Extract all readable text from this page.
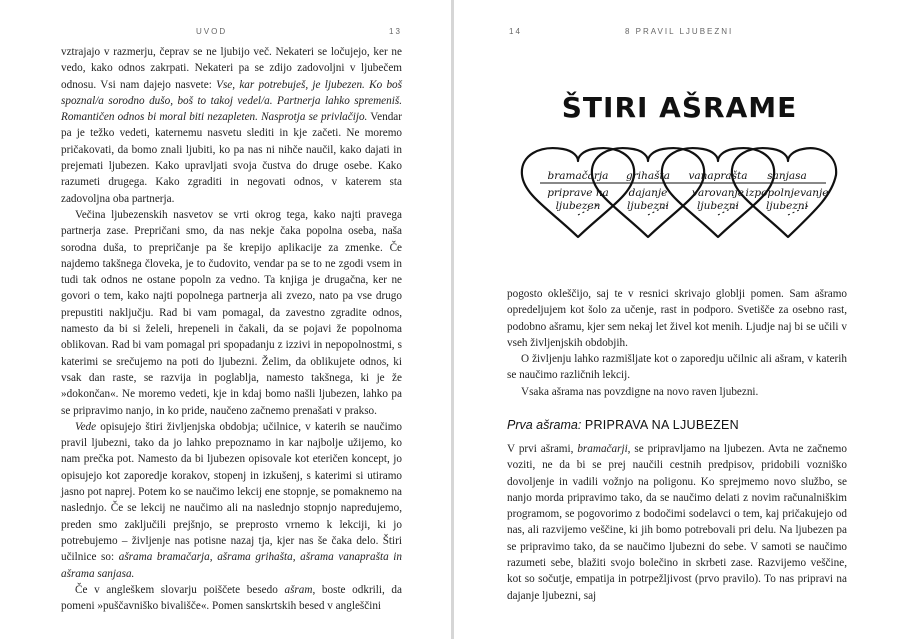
UVOD	13

vztrajajo v razmerju, čeprav se ne ljubijo več. Nekateri se ločujejo, ker ne vedo, kako odnos zakrpati. Nekateri pa se zdijo zadovoljni v ljubečem odnosu. Vsi nam dajejo nasvete: Vse, kar potrebuješ, je ljubezen. Ko boš spoznal/a sorodno dušo, boš to takoj vedel/a. Partnerja lahko spremeniš. Romantičen odnos bi moral biti nezapleten. Nasprotja se privlačijo. Vendar pa je težko vedeti, katernemu nasvetu slediti in kje začeti. Ne moremo pričakovati, da bomo znali ljubiti, ko pa nas ni nihče naučil, kako dajati in prejemati ljubezen. Kako upravljati svoja čustva do druge osebe. Kako razumeti drugega. Kako zgraditi in negovati odnos, v katerem sta zadovoljna oba partnerja.

Večina ljubezenskih nasvetov se vrti okrog tega, kako najti pravega partnerja zase. Prepričani smo, da nas nekje čaka popolna oseba, naša sorodna duša, to prepričanje pa še krepijo aplikacije za zmenke. Če najdemo takšnega človeka, je to čudovito, vendar pa se to ne zgodi vsem in tudi tak odnos ne ostane popoln za vedno. Ta knjiga je drugačna, ker ne govori o tem, kako najti popolnega partnerja ali zvezo, nato pa vse drugo prepustiti naključju. Rad bi vam pomagal, da zavestno zgradite odnos, namesto da bi si želeli, hrepeneli in čakali, da se pojavi že popolnoma oblikovan. Rad bi vam pomagal pri spopadanju z izzivi in nepopolnostmi, s katerimi se srečujemo na poti do ljubezni. Želim, da oblikujete odnos, ki vsak dan raste, se razvija in poglablja, namesto takšnega, ki je že »dokončan«. Ne moremo vedeti, kje in kdaj bomo našli ljubezen, lahko pa se pripravimo nanjo, in ko pride, naučeno začnemo prenašati v prakso.

Vede opisujejo štiri življenjska obdobja; učilnice, v katerih se naučimo pravil ljubezni, tako da jo lahko prepoznamo in kar najbolje užijemo, ko nam prečka pot. Namesto da bi ljubezen opisovale kot eteričen koncept, jo opisujejo kot zaporedje korakov, stopenj in izkušenj, s katerimi si utiramo jasno pot naprej. Potem ko se naučimo lekcij ene stopnje, se pomaknemo na naslednjo. Če se lekcij ne naučimo ali na naslednjo stopnjo napredujemo, preden smo zaključili prejšnjo, se preprosto vrnemo k lekciji, ki jo potrebujemo – življenje nas potisne nazaj tja, kjer nas še čaka delo. Štiri učilnice so: ašrama bramačarja, ašrama grihašta, ašrama vanaprašta in ašrama sanjasa.

Če v angleškem slovarju poiščete besedo ašram, boste odkrili, da pomeni »puščavniško bivališče«. Pomen sanskrtskih besed v angleščini

14	8 PRAVIL LJUBEZNI
ŠTIRI AŠRAME
bramačarja
priprave na
ljubezen
grihašta
dajanje
ljubezni
vanaprašta
varovanje
ljubezni
sanjasa
izpopolnjevanje
ljubezni

pogosto okleščijo, saj te v resnici skrivajo globlji pomen. Sam ašramo opredeljujem kot šolo za učenje, rast in podporo. Svetišče za osebno rast, podobno ašramu, kjer sem nekaj let živel kot menih. Ljudje naj bi se učili v vseh življenjskih obdobjih.

O življenju lahko razmišljate kot o zaporedju učilnic ali ašram, v katerih se naučimo različnih lekcij.

Vsaka ašrama nas povzdigne na novo raven ljubezni.

Prva ašrama: PRIPRAVA NA LJUBEZEN

V prvi ašrami, bramačarji, se pripravljamo na ljubezen. Avta ne začnemo voziti, ne da bi se prej naučili cestnih predpisov, pridobili vozniško dovoljenje in vadili vožnjo na poligonu. Ko sprejmemo novo službo, se nanjo morda pripravimo tako, da se naučimo delati z novim računalniškim programom, se pogovorimo z bodočimi sodelavci o tem, kaj pričakujejo od nas, ali razvijemo veščine, ki jih bomo potrebovali pri delu. Na ljubezen pa se pripravimo tako, da se naučimo ljubezni do sebe. V samoti se naučimo razumeti sebe, blažiti svojo bolečino in skrbeti zase. Razvijemo veščine, kot so sočutje, empatija in potrpežljivost (prvo pravilo). To nas pripravi na dajanje ljubezni, saj
